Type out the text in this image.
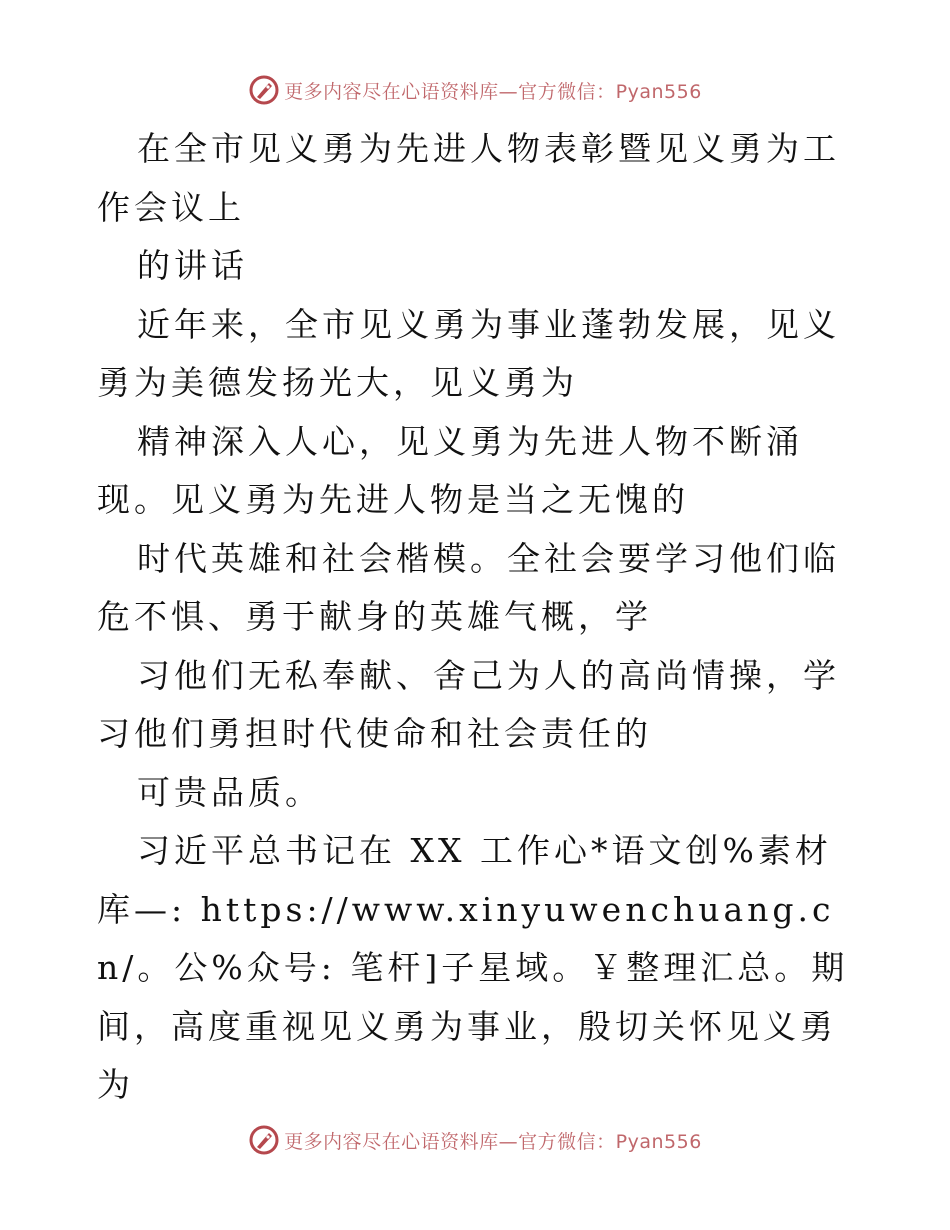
更多内容尽在心语资料库—官方微信：Pyan556

在全市见义勇为先进人物表彰暨见义勇为工作会议上

的讲话

近年来，全市见义勇为事业蓬勃发展，见义勇为美德发扬光大，见义勇为

精神深入人心，见义勇为先进人物不断涌现。见义勇为先进人物是当之无愧的

时代英雄和社会楷模。全社会要学习他们临危不惧、勇于献身的英雄气概，学

习他们无私奉献、舍己为人的高尚情操，学习他们勇担时代使命和社会责任的

可贵品质。

习近平总书记在 XX 工作心*语文创%素材库—: https://www.xinyuwenchuang.cn/。公%众号: 笔杆]子星域。￥整理汇总。期间，高度重视见义勇为事业，殷切关怀见义勇为

更多内容尽在心语资料库—官方微信：Pyan556
